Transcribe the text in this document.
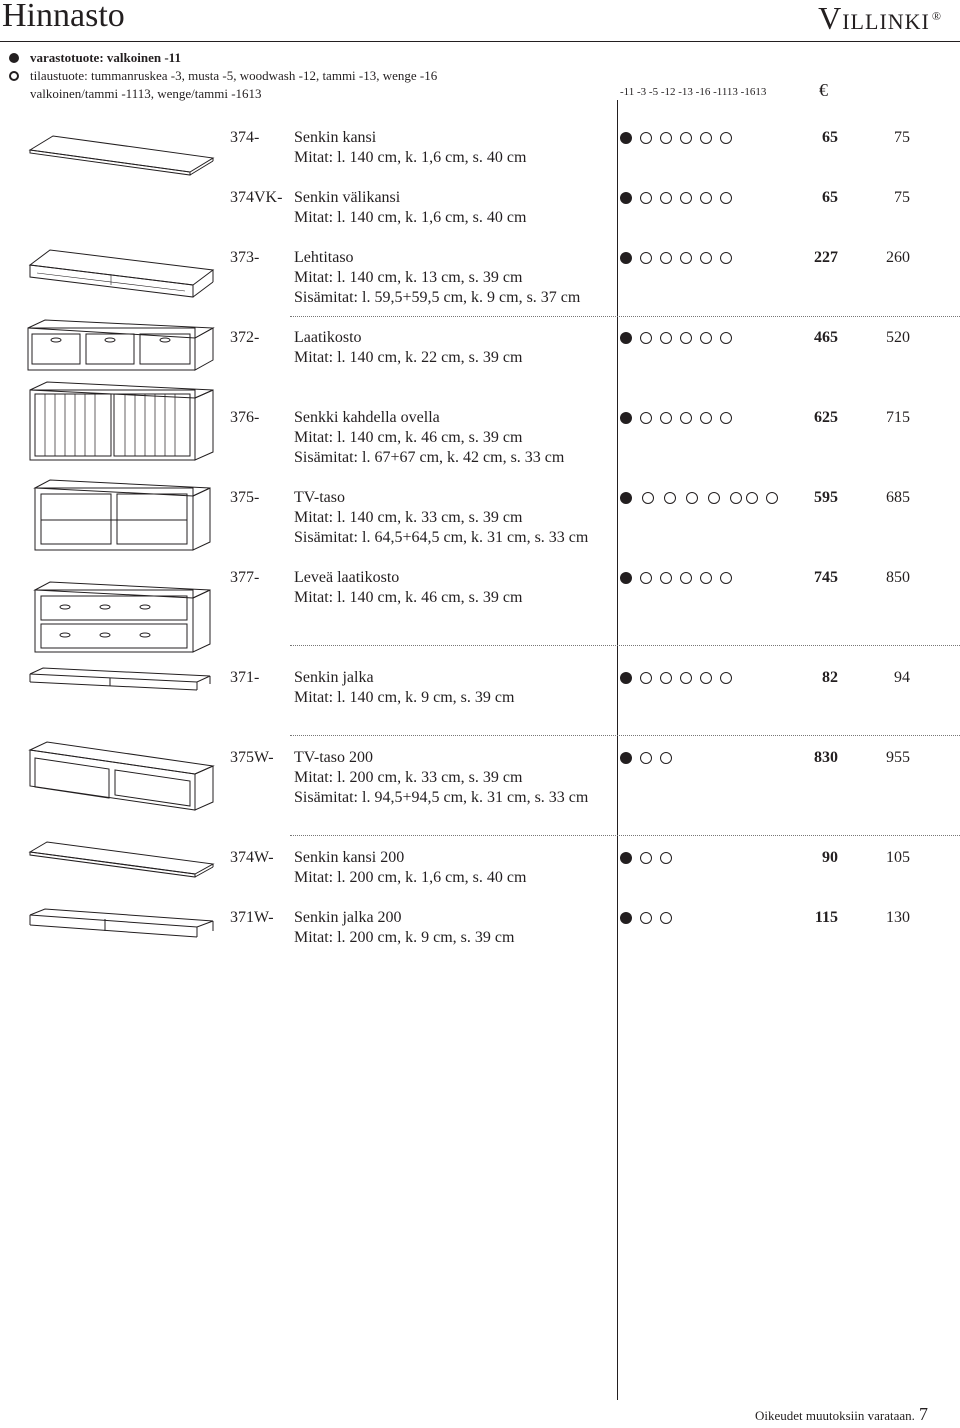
Hinnasto	Villinki ®
varastotuote: valkoinen -11
tilaustuote: tummanruskea -3, musta -5, woodwash -12, tammi -13, wenge -16
valkoinen/tammi -1113, wenge/tammi -1613	-11 -3 -5 -12 -13 -16 -1113 -1613	€
374- Senkin kansi
Mitat: l. 140 cm, k. 1,6 cm, s. 40 cm
65	75
374VK- Senkin välikansi
Mitat: l. 140 cm, k. 1,6 cm, s. 40 cm
65	75
373- Lehtitaso
Mitat: l. 140 cm, k. 13 cm, s. 39 cm
Sisämitat: l. 59,5+59,5 cm, k. 9 cm, s. 37 cm
227	260
372- Laatikosto
Mitat: l. 140 cm, k. 22 cm, s. 39 cm
465	520
376- Senkki kahdella ovella
Mitat: l. 140 cm, k. 46 cm, s. 39 cm
Sisämitat: l. 67+67 cm, k. 42 cm, s. 33 cm
625	715
375- TV-taso
Mitat: l. 140 cm, k. 33 cm, s. 39 cm
Sisämitat: l. 64,5+64,5 cm, k. 31 cm, s. 33 cm
595	685
377- Leveä laatikosto
Mitat: l. 140 cm, k. 46 cm, s. 39 cm
745	850
371- Senkin jalka
Mitat: l. 140 cm, k. 9 cm, s. 39 cm
82	94
375W- TV-taso 200
Mitat: l. 200 cm, k. 33 cm, s. 39 cm
Sisämitat: l. 94,5+94,5 cm, k. 31 cm, s. 33 cm
830	955
374W- Senkin kansi 200
Mitat: l. 200 cm, k. 1,6 cm, s. 40 cm
90	105
371W- Senkin jalka 200
Mitat: l. 200 cm, k. 9 cm, s. 39 cm
115	130
Oikeudet muutoksiin varataan. 7
